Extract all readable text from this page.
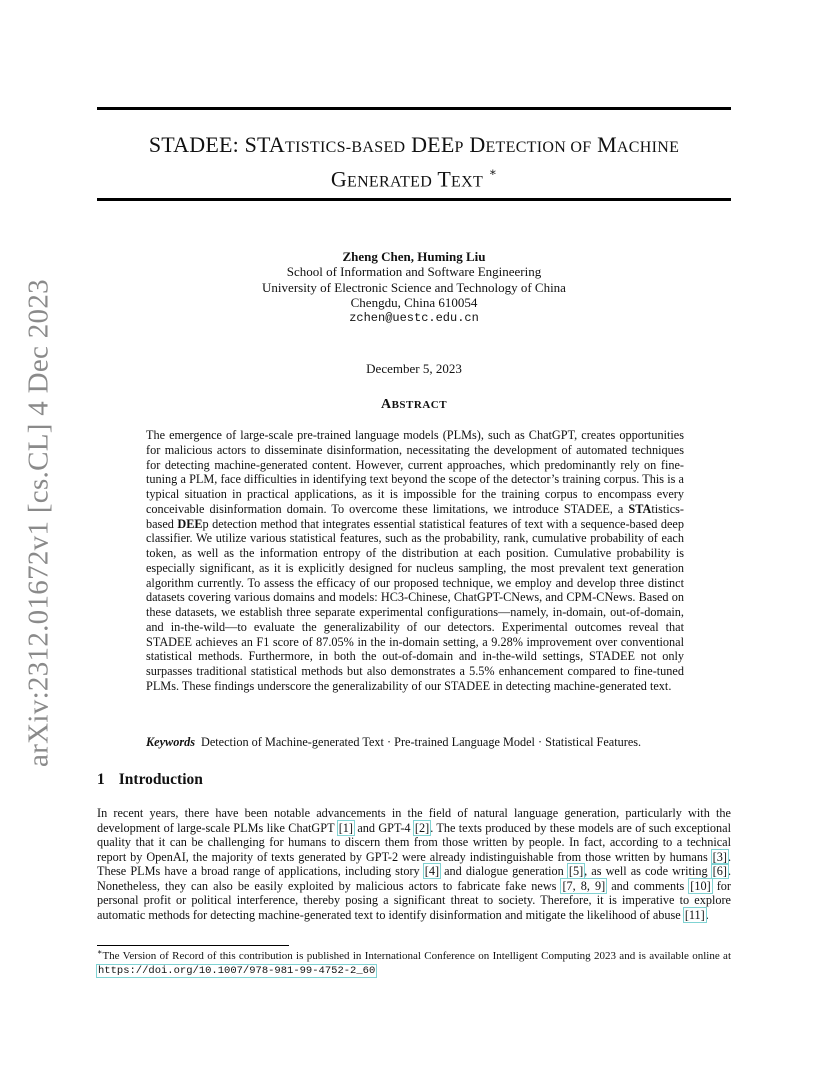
arXiv:2312.01672v1 [cs.CL] 4 Dec 2023
STADEE: STATISTICS-BASED DEEP DETECTION OF MACHINE
GENERATED TEXT ∗
Zheng Chen, Huming Liu
School of Information and Software Engineering
University of Electronic Science and Technology of China
Chengdu, China 610054
zchen@uestc.edu.cn
December 5, 2023
ABSTRACT
The emergence of large-scale pre-trained language models (PLMs), such as ChatGPT, creates opportunities for malicious actors to disseminate disinformation, necessitating the development of automated techniques for detecting machine-generated content. However, current approaches, which predominantly rely on fine-tuning a PLM, face difficulties in identifying text beyond the scope of the detector’s training corpus. This is a typical situation in practical applications, as it is impossible for the training corpus to encompass every conceivable disinformation domain. To overcome these limitations, we introduce STADEE, a STAtistics-based DEEp detection method that integrates essential statistical features of text with a sequence-based deep classifier. We utilize various statistical features, such as the probability, rank, cumulative probability of each token, as well as the information entropy of the distribution at each position. Cumulative probability is especially significant, as it is explicitly designed for nucleus sampling, the most prevalent text generation algorithm currently. To assess the efficacy of our proposed technique, we employ and develop three distinct datasets covering various domains and models: HC3-Chinese, ChatGPT-CNews, and CPM-CNews. Based on these datasets, we establish three separate experimental configurations—namely, in-domain, out-of-domain, and in-the-wild—to evaluate the generalizability of our detectors. Experimental outcomes reveal that STADEE achieves an F1 score of 87.05% in the in-domain setting, a 9.28% improvement over conventional statistical methods. Furthermore, in both the out-of-domain and in-the-wild settings, STADEE not only surpasses traditional statistical methods but also demonstrates a 5.5% enhancement compared to fine-tuned PLMs. These findings underscore the generalizability of our STADEE in detecting machine-generated text.
Keywords Detection of Machine-generated Text · Pre-trained Language Model · Statistical Features.
1 Introduction
In recent years, there have been notable advancements in the field of natural language generation, particularly with the development of large-scale PLMs like ChatGPT [1] and GPT-4 [2]. The texts produced by these models are of such exceptional quality that it can be challenging for humans to discern them from those written by people. In fact, according to a technical report by OpenAI, the majority of texts generated by GPT-2 were already indistinguishable from those written by humans [3]. These PLMs have a broad range of applications, including story [4] and dialogue generation [5], as well as code writing [6]. Nonetheless, they can also be easily exploited by malicious actors to fabricate fake news [7, 8, 9] and comments [10] for personal profit or political interference, thereby posing a significant threat to society. Therefore, it is imperative to explore automatic methods for detecting machine-generated text to identify disinformation and mitigate the likelihood of abuse [11].
∗The Version of Record of this contribution is published in International Conference on Intelligent Computing 2023 and is available online at https://doi.org/10.1007/978-981-99-4752-2_60
